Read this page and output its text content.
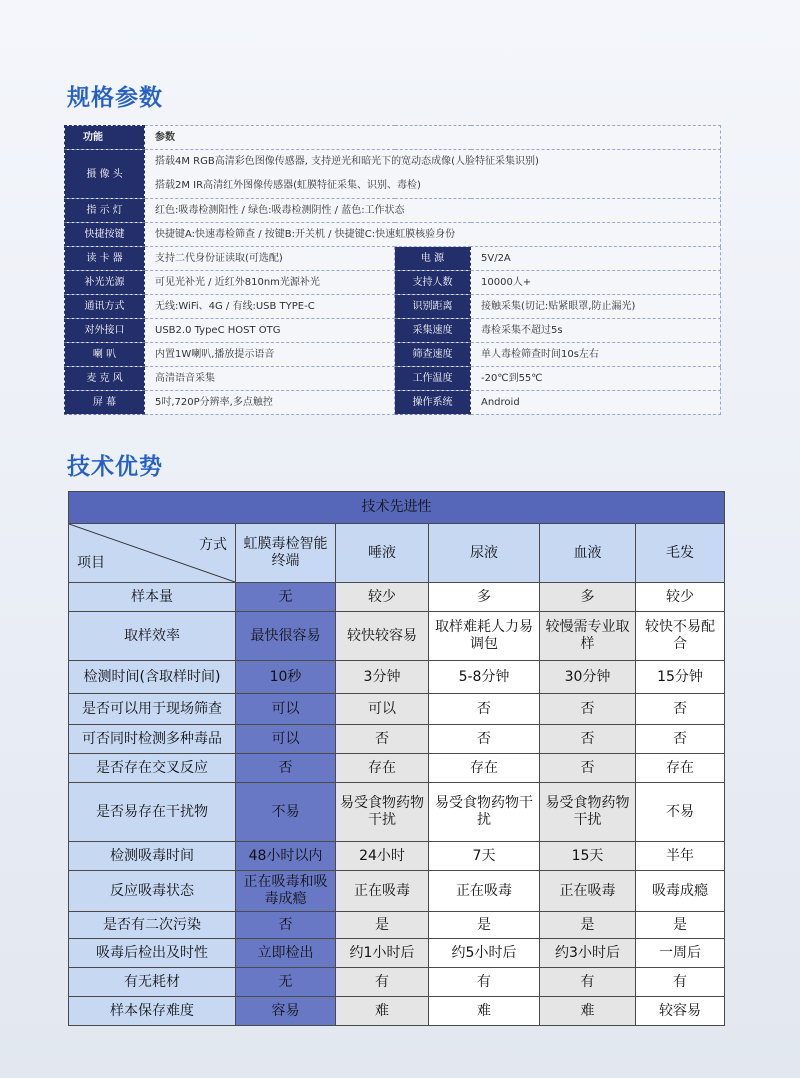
规格参数
功能	参数		
摄 像 头	搭载4M RGB高清彩色图像传感器, 支持逆光和暗光下的宽动态成像(人脸特征采集识别)
搭载2M IR高清红外图像传感器(虹膜特征采集、识别、毒检)		

指 示 灯	红色:吸毒检测阳性 / 绿色:吸毒检测阴性 / 蓝色:工作状态		
快捷按键	快捷键A:快速毒检筛查 / 按键B:开关机 / 快捷键C:快速虹膜核验身份		
读 卡 器	支持二代身份证读取(可选配)	电 源	5V/2A
补光光源	可见光补光 / 近红外810nm光源补光	支持人数	10000人+
通讯方式	无线:WiFi、4G / 有线:USB TYPE-C	识别距离	接触采集(切记:贴紧眼罩,防止漏光)
对外接口	USB2.0 TypeC HOST OTG	采集速度	毒检采集不超过5s
喇 叭	内置1W喇叭,播放提示语音	筛查速度	单人毒检筛查时间10s左右
麦 克 风	高清语音采集	工作温度	-20℃到55℃
屏 幕	5吋,720P分辨率,多点触控	操作系统	Android
技术优势
技术先进性					

方式
项目	虹膜毒检智能终端	唾液	尿液	血液	毛发
样本量	无	较少	多	多	较少
取样效率	最快很容易	较快较容易	取样难耗人力易调包	较慢需专业取样	较快不易配合
检测时间(含取样时间)	10秒	3分钟	5-8分钟	30分钟	15分钟
是否可以用于现场筛查	可以	可以	否	否	否
可否同时检测多种毒品	可以	否	否	否	否
是否存在交叉反应	否	存在	存在	否	存在
是否易存在干扰物	不易	易受食物药物干扰	易受食物药物干扰	易受食物药物干扰	不易
检测吸毒时间	48小时以内	24小时	7天	15天	半年
反应吸毒状态	正在吸毒和吸毒成瘾	正在吸毒	正在吸毒	正在吸毒	吸毒成瘾
是否有二次污染	否	是	是	是	是
吸毒后检出及时性	立即检出	约1小时后	约5小时后	约3小时后	一周后
有无耗材	无	有	有	有	有
样本保存难度	容易	难	难	难	较容易
